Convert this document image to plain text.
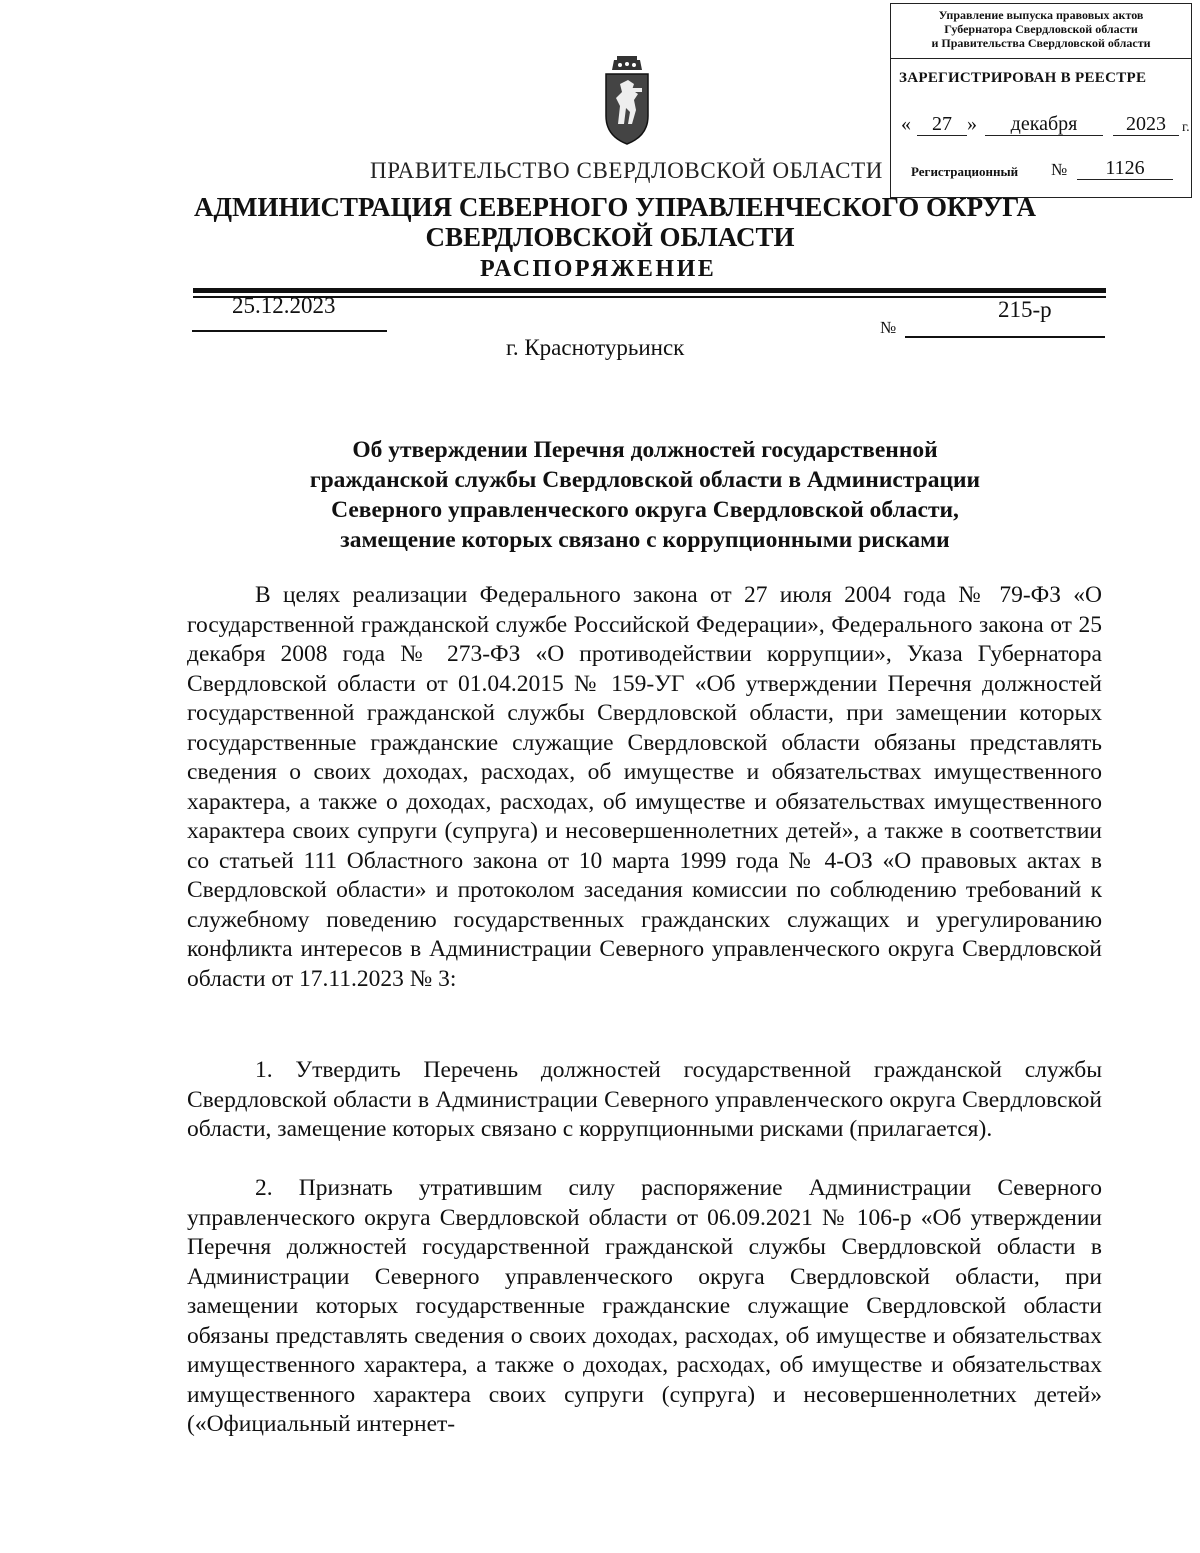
Управление выпуска правовых актов
Губернатора Свердловской области
и Правительства Свердловской области
ЗАРЕГИСТРИРОВАН В РЕЕСТРЕ
«	27 »	декабря	2023	г.
Регистрационный №	1126
ПРАВИТЕЛЬСТВО СВЕРДЛОВСКОЙ ОБЛАСТИ
АДМИНИСТРАЦИЯ СЕВЕРНОГО УПРАВЛЕНЧЕСКОГО ОКРУГА
СВЕРДЛОВСКОЙ ОБЛАСТИ
РАСПОРЯЖЕНИЕ
25.12.2023
№
215-р
г. Краснотурьинск
Об утверждении Перечня должностей государственной
гражданской службы Свердловской области в Администрации
Северного управленческого округа Свердловской области,
замещение которых связано с коррупционными рисками
В целях реализации Федерального закона от 27 июля 2004 года № 79-ФЗ «О государственной гражданской службе Российской Федерации», Федерального закона от 25 декабря 2008 года № 273-ФЗ «О противодействии коррупции», Указа Губернатора Свердловской области от 01.04.2015 № 159-УГ «Об утверждении Перечня должностей государственной гражданской службы Свердловской области, при замещении которых государственные гражданские служащие Свердловской области обязаны представлять сведения о своих доходах, расходах, об имуществе и обязательствах имущественного характера, а также о доходах, расходах, об имуществе и обязательствах имущественного характера своих супруги (супруга) и несовершеннолетних детей», а также в соответствии со статьей 111 Областного закона от 10 марта 1999 года № 4-ОЗ «О правовых актах в Свердловской области» и протоколом заседания комиссии по соблюдению требований к служебному поведению государственных гражданских служащих и урегулированию конфликта интересов в Администрации Северного управленческого округа Свердловской области от 17.11.2023 № 3:
1. Утвердить Перечень должностей государственной гражданской службы Свердловской области в Администрации Северного управленческого округа Свердловской области, замещение которых связано с коррупционными рисками (прилагается).
2. Признать утратившим силу распоряжение Администрации Северного управленческого округа Свердловской области от 06.09.2021 № 106-р «Об утверждении Перечня должностей государственной гражданской службы Свердловской области в Администрации Северного управленческого округа Свердловской области, при замещении которых государственные гражданские служащие Свердловской области обязаны представлять сведения о своих доходах, расходах, об имуществе и обязательствах имущественного характера, а также о доходах, расходах, об имуществе и обязательствах имущественного характера своих супруги (супруга) и несовершеннолетних детей» («Официальный интернет-
